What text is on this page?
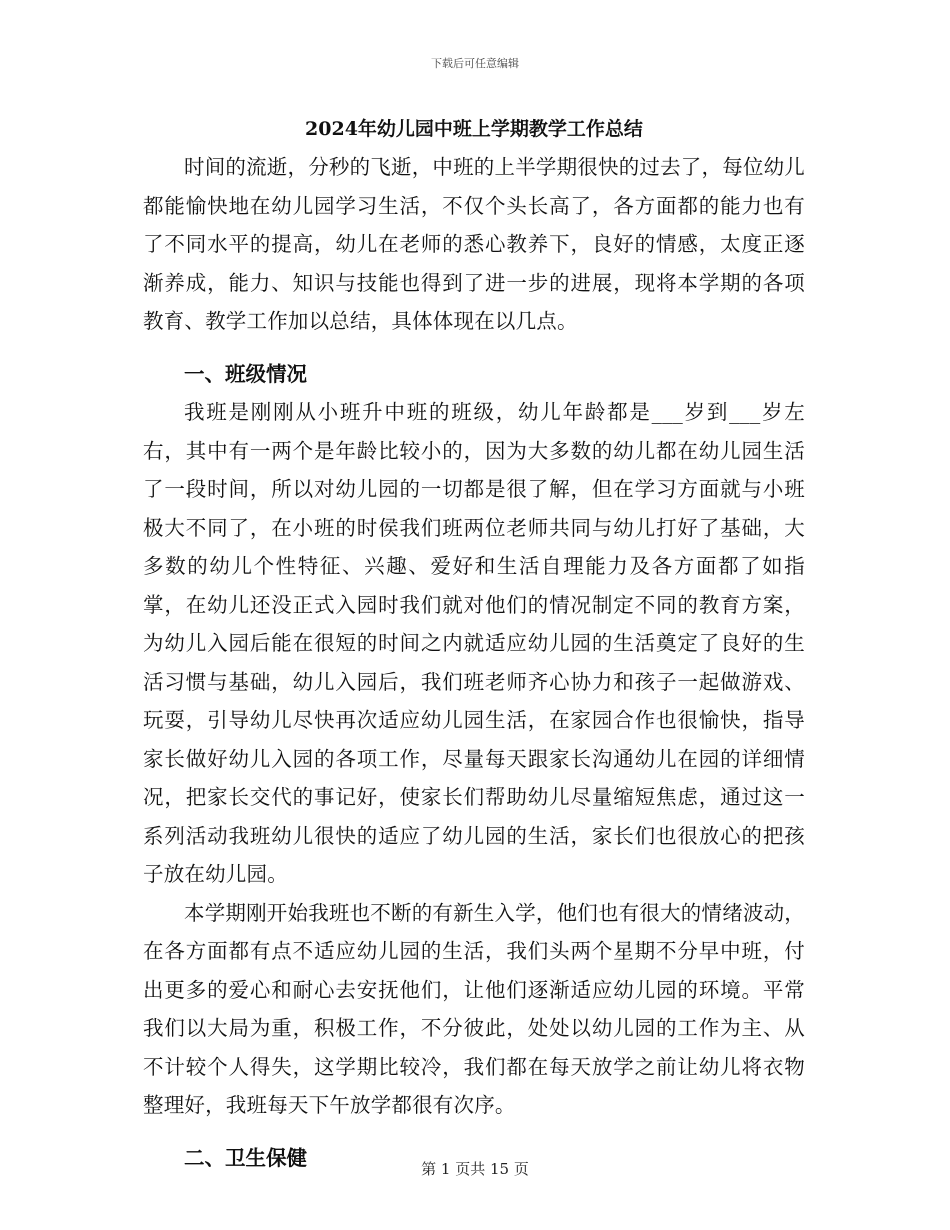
下载后可任意编辑
2024年幼儿园中班上学期教学工作总结

时间的流逝，分秒的飞逝，中班的上半学期很快的过去了，每位幼儿都能愉快地在幼儿园学习生活，不仅个头长高了，各方面都的能力也有了不同水平的提高，幼儿在老师的悉心教养下，良好的情感，太度正逐渐养成，能力、知识与技能也得到了进一步的进展，现将本学期的各项教育、教学工作加以总结，具体体现在以几点。

一、班级情况

我班是刚刚从小班升中班的班级，幼儿年龄都是___岁到___岁左右，其中有一两个是年龄比较小的，因为大多数的幼儿都在幼儿园生活了一段时间，所以对幼儿园的一切都是很了解，但在学习方面就与小班极大不同了，在小班的时侯我们班两位老师共同与幼儿打好了基础，大多数的幼儿个性特征、兴趣、爱好和生活自理能力及各方面都了如指掌，在幼儿还没正式入园时我们就对他们的情况制定不同的教育方案，为幼儿入园后能在很短的时间之内就适应幼儿园的生活奠定了良好的生活习惯与基础，幼儿入园后，我们班老师齐心协力和孩子一起做游戏、玩耍，引导幼儿尽快再次适应幼儿园生活，在家园合作也很愉快，指导家长做好幼儿入园的各项工作，尽量每天跟家长沟通幼儿在园的详细情况，把家长交代的事记好，使家长们帮助幼儿尽量缩短焦虑，通过这一系列活动我班幼儿很快的适应了幼儿园的生活，家长们也很放心的把孩子放在幼儿园。

本学期刚开始我班也不断的有新生入学，他们也有很大的情绪波动，在各方面都有点不适应幼儿园的生活，我们头两个星期不分早中班，付出更多的爱心和耐心去安抚他们，让他们逐渐适应幼儿园的环境。平常我们以大局为重，积极工作，不分彼此，处处以幼儿园的工作为主、从不计较个人得失，这学期比较冷，我们都在每天放学之前让幼儿将衣物整理好，我班每天下午放学都很有次序。

二、卫生保健	第 1 页共 15 页
